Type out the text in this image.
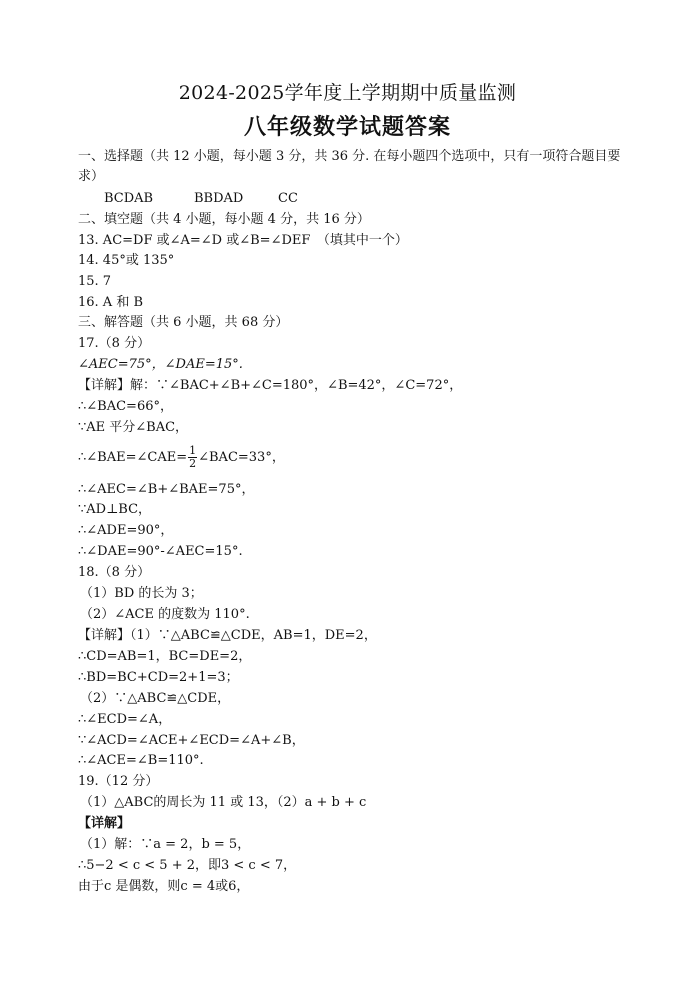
2024-2025学年度上学期期中质量监测
八年级数学试题答案
一、选择题（共 12 小题，每小题 3 分，共 36 分. 在每小题四个选项中，只有一项符合题目要
求）
BCDAB	BBDAD	CC
二、填空题（共 4 小题，每小题 4 分，共 16 分）
13. AC=DF 或∠A=∠D 或∠B=∠DEF　（填其中一个）
14. 45°或 135°
15. 7
16. A 和 B
三、解答题（共 6 小题，共 68 分）
17.（8 分）
∠AEC=75°，∠DAE=15°.
【详解】解：∵∠BAC+∠B+∠C=180°，∠B=42°，∠C=72°，
∴∠BAC=66°，
∵AE 平分∠BAC，
∴∠BAE=∠CAE= $\frac{1}{2}$ ∠BAC=33°，
∴∠AEC=∠B+∠BAE=75°，
∵AD⊥BC，
∴∠ADE=90°，
∴∠DAE=90°-∠AEC=15°.
18.（8 分）
（1）BD 的长为 3；
（2）∠ACE 的度数为 110°.
【详解】（1）∵△ABC≌△CDE，AB=1，DE=2，
∴CD=AB=1，BC=DE=2，
∴BD=BC+CD=2+1=3；
（2）∵△ABC≌△CDE，
∴∠ECD=∠A，
∵∠ACD=∠ACE+∠ECD=∠A+∠B，
∴∠ACE=∠B=110°.
19.（12 分）
（1）△ABC的周长为 11 或 13，（2）a + b + c
【详解】
（1）解：∵a = 2，b = 5，
∴5−2 < c < 5 + 2，即3 < c < 7，
由于c 是偶数，则c = 4或6，
